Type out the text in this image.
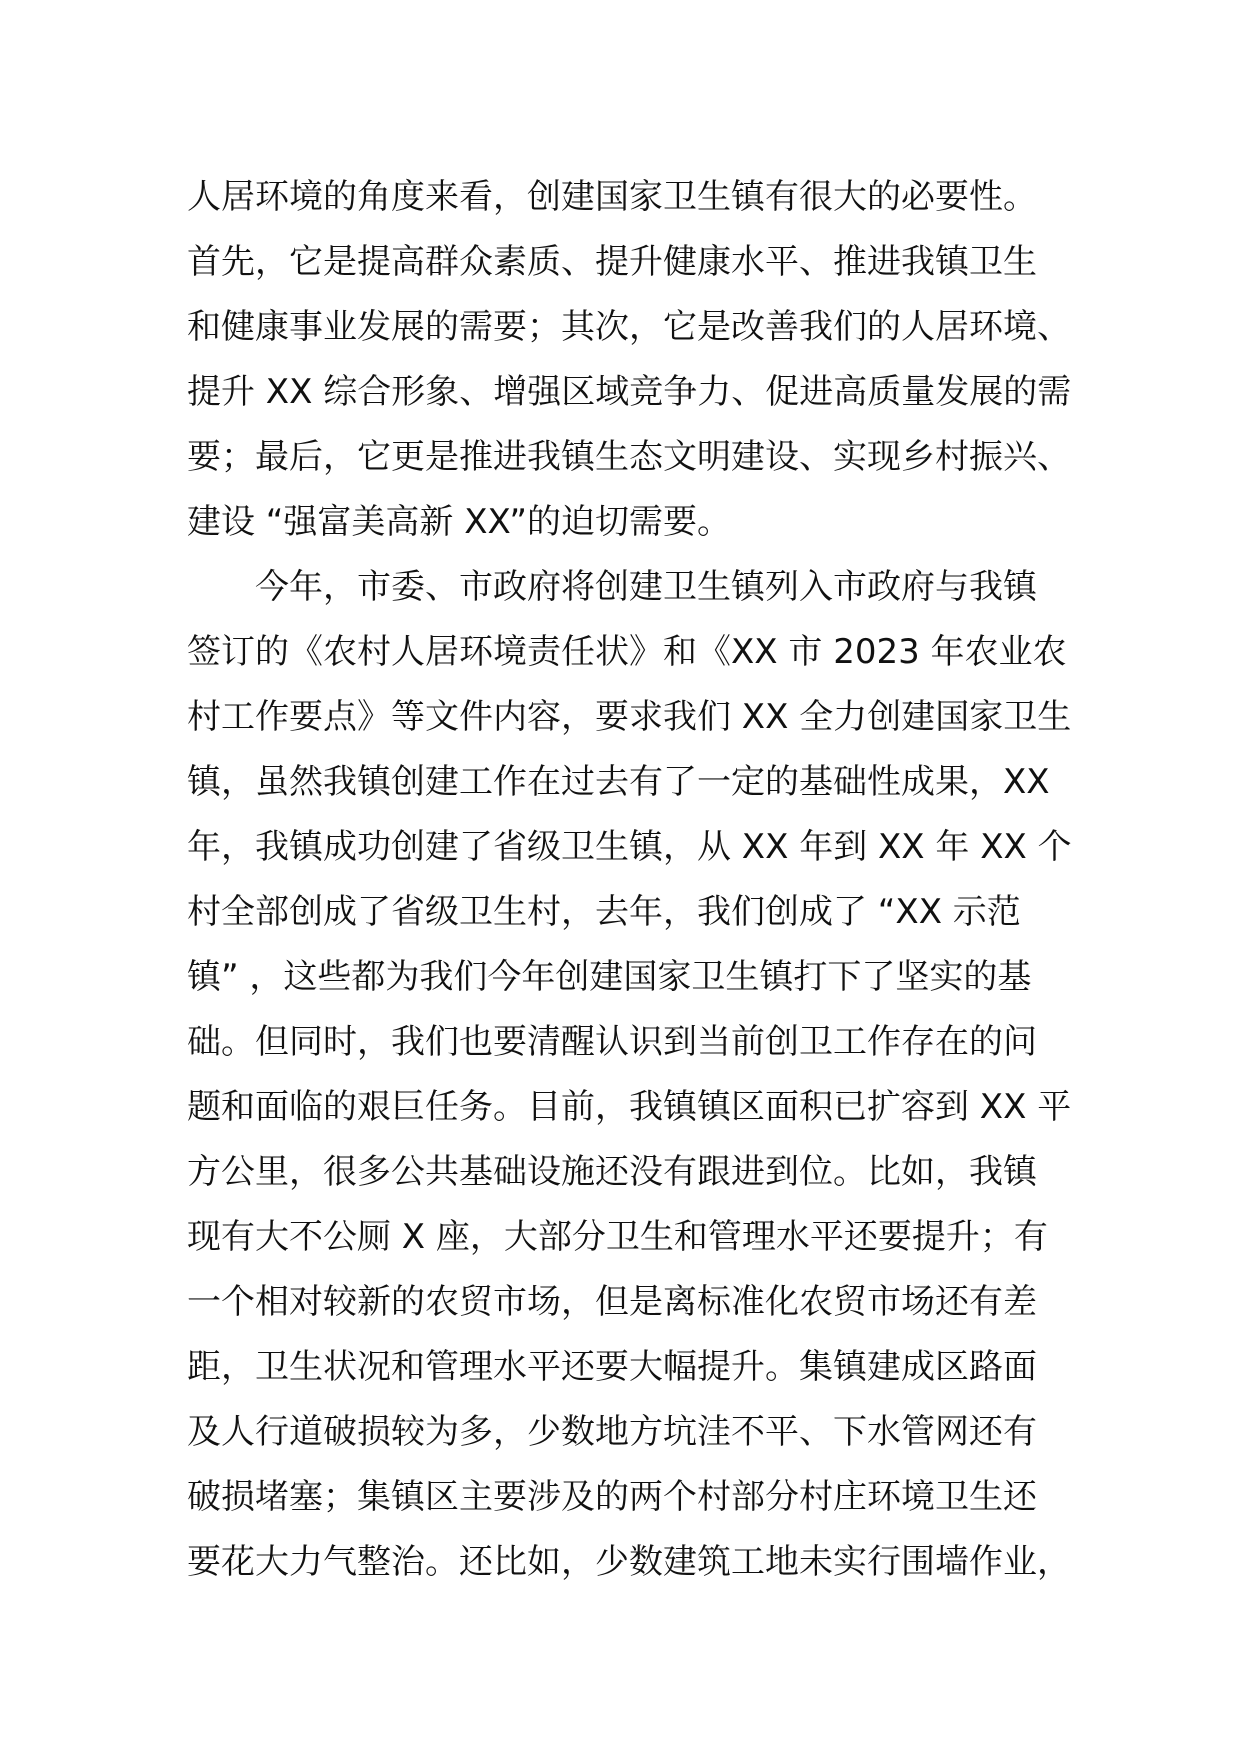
人居环境的角度来看，创建国家卫生镇有很大的必要性。
首先，它是提高群众素质、提升健康水平、推进我镇卫生
和健康事业发展的需要；其次，它是改善我们的人居环境、
提升 XX 综合形象、增强区域竞争力、促进高质量发展的需
要；最后，它更是推进我镇生态文明建设、实现乡村振兴、
建设 “强富美高新 XX”的迫切需要。
今年，市委、市政府将创建卫生镇列入市政府与我镇
签订的《农村人居环境责任状》和《XX 市 2023 年农业农
村工作要点》等文件内容，要求我们 XX 全力创建国家卫生
镇，虽然我镇创建工作在过去有了一定的基础性成果，XX
年，我镇成功创建了省级卫生镇，从 XX 年到 XX 年 XX 个
村全部创成了省级卫生村，去年，我们创成了 “XX 示范
镇” ，这些都为我们今年创建国家卫生镇打下了坚实的基
础。但同时，我们也要清醒认识到当前创卫工作存在的问
题和面临的艰巨任务。目前，我镇镇区面积已扩容到 XX 平
方公里，很多公共基础设施还没有跟进到位。比如，我镇
现有大不公厕 X 座，大部分卫生和管理水平还要提升；有
一个相对较新的农贸市场，但是离标准化农贸市场还有差
距，卫生状况和管理水平还要大幅提升。集镇建成区路面
及人行道破损较为多，少数地方坑洼不平、下水管网还有
破损堵塞；集镇区主要涉及的两个村部分村庄环境卫生还
要花大力气整治。还比如，少数建筑工地未实行围墙作业，
